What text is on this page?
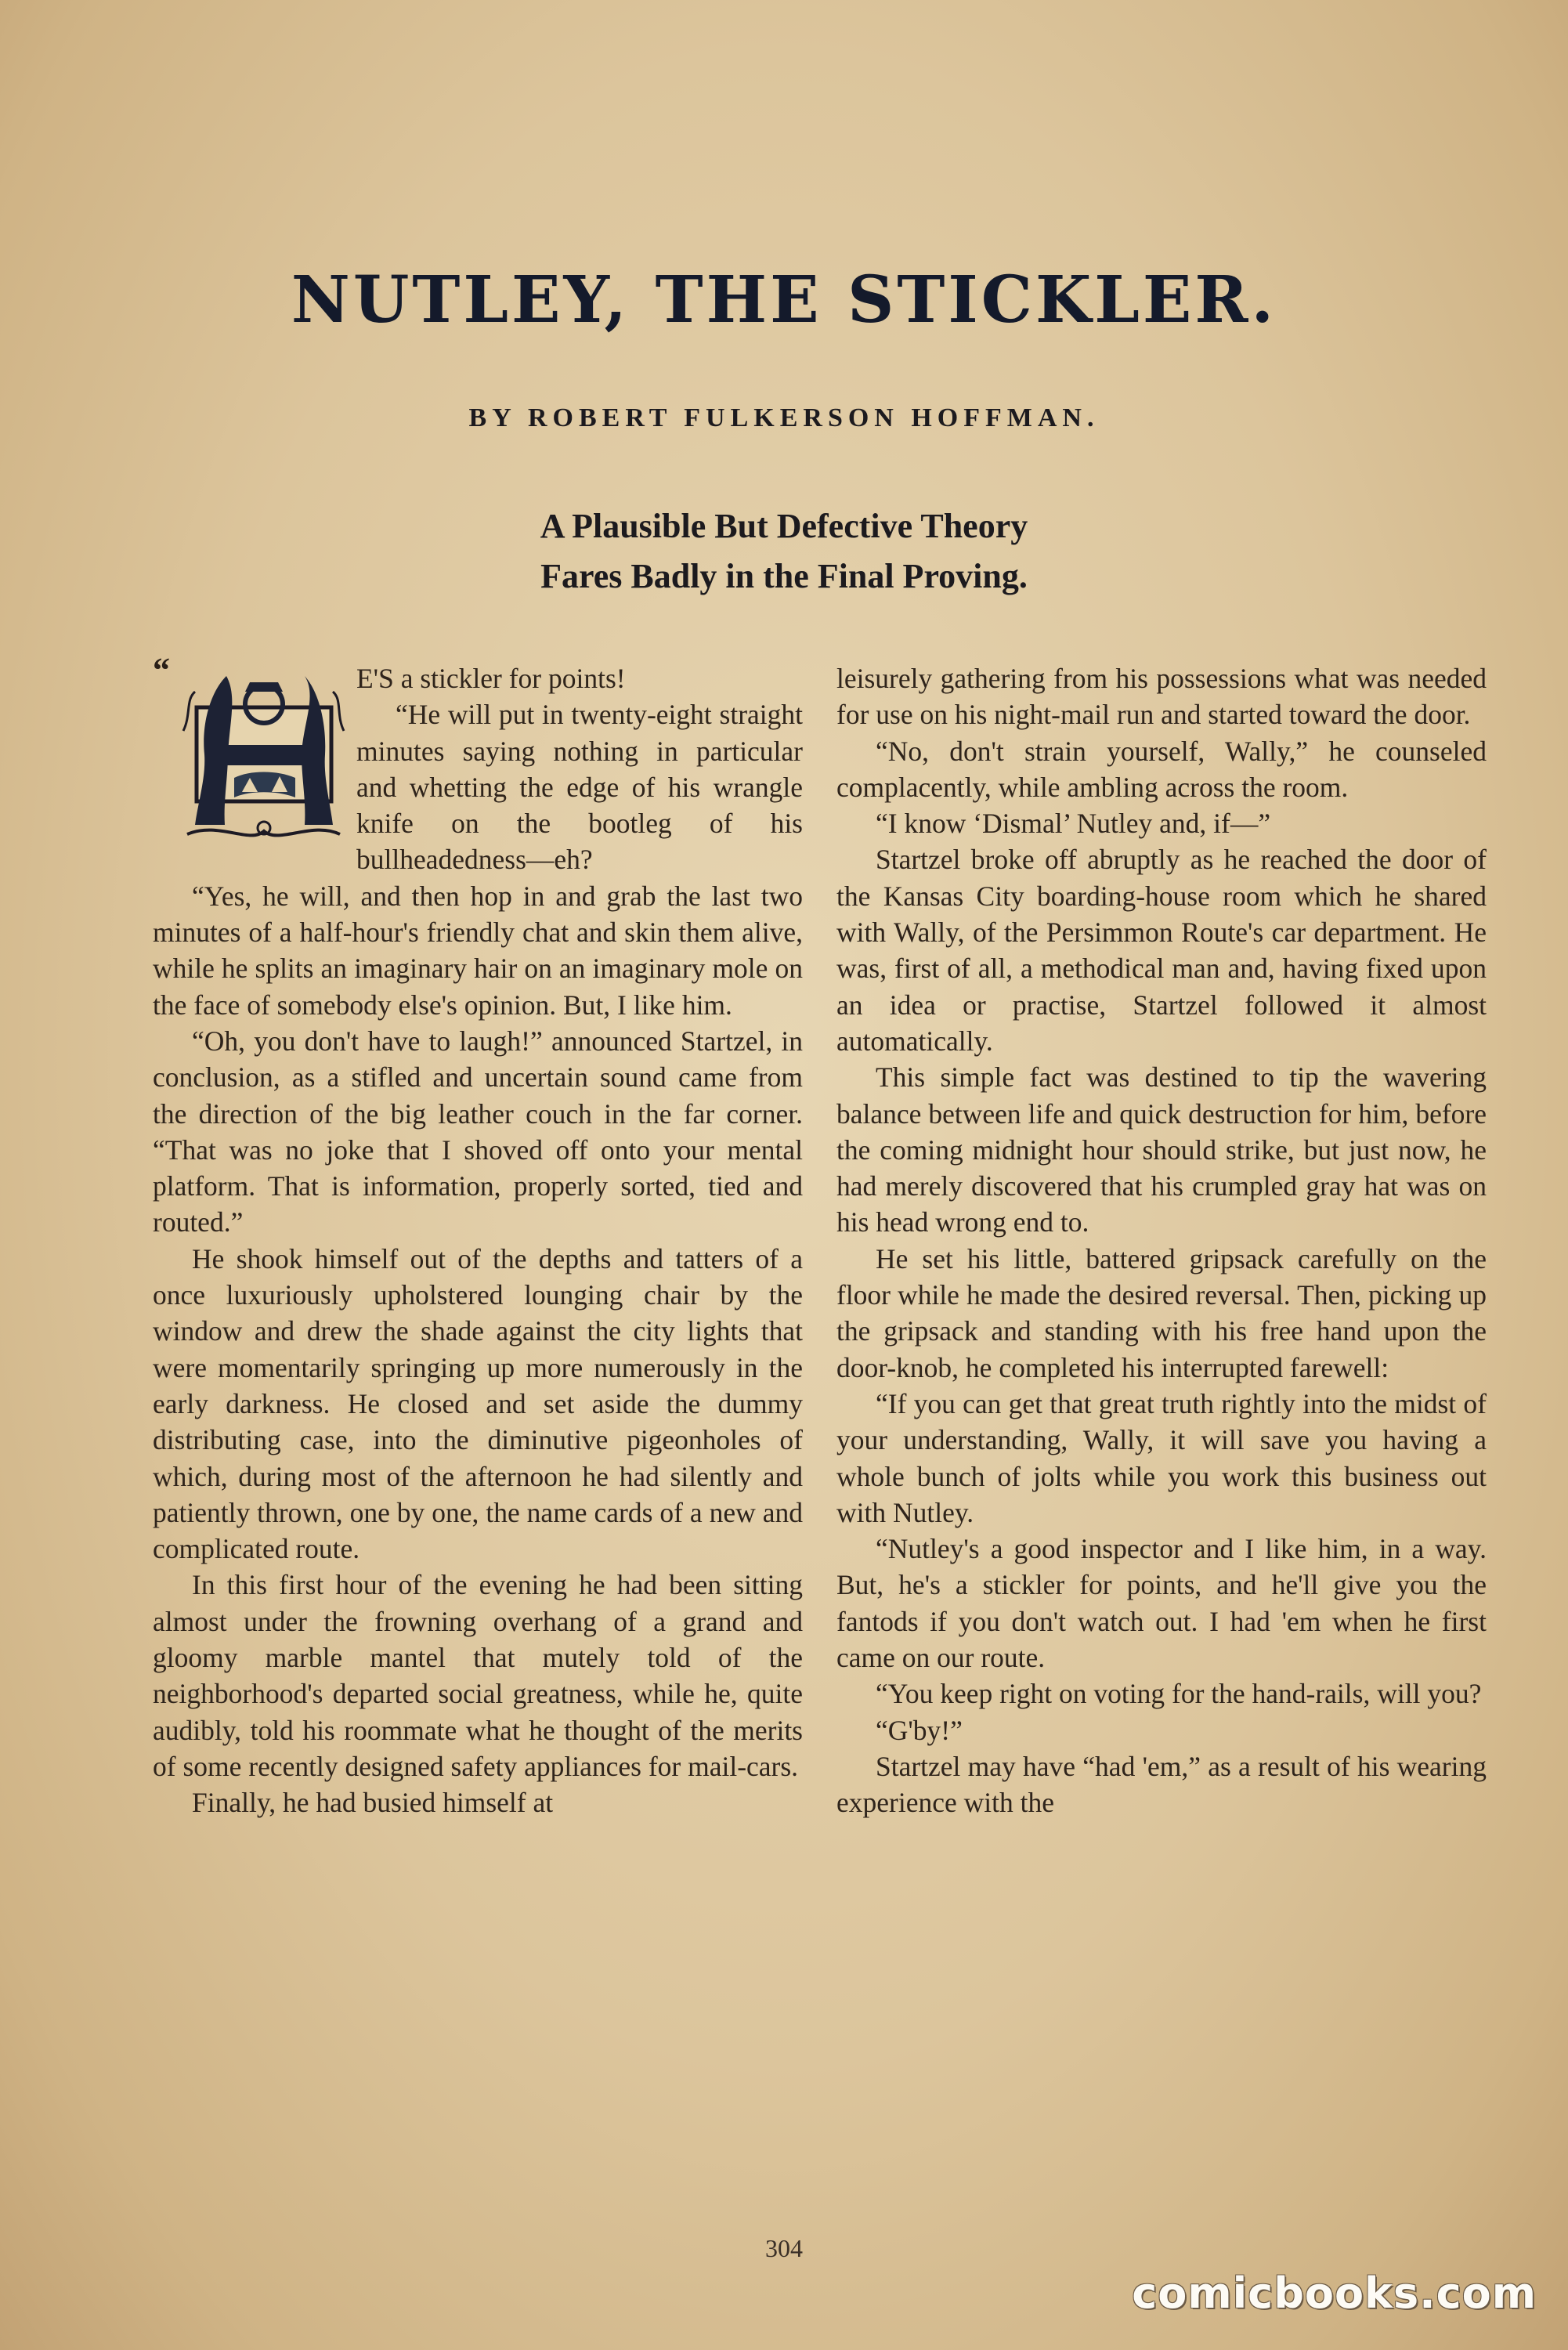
NUTLEY, THE STICKLER.
BY ROBERT FULKERSON HOFFMAN.
A Plausible But Defective Theory
Fares Badly in the Final Proving.
“	E'S a stickler for points!

“He will put in twenty-eight straight minutes saying nothing in particular and whetting the edge of his wrangle knife on the bootleg of his bullheadedness—eh?

“Yes, he will, and then hop in and grab the last two minutes of a half-hour's friendly chat and skin them alive, while he splits an imaginary hair on an imaginary mole on the face of somebody else's opinion. But, I like him.

“Oh, you don't have to laugh!” announced Startzel, in conclusion, as a stifled and uncertain sound came from the direction of the big leather couch in the far corner. “That was no joke that I shoved off onto your mental platform. That is information, properly sorted, tied and routed.”

He shook himself out of the depths and tatters of a once luxuriously upholstered lounging chair by the window and drew the shade against the city lights that were momentarily springing up more numerously in the early darkness. He closed and set aside the dummy distributing case, into the diminutive pigeonholes of which, during most of the afternoon he had silently and patiently thrown, one by one, the name cards of a new and complicated route.

In this first hour of the evening he had been sitting almost under the frowning overhang of a grand and gloomy marble mantel that mutely told of the neighborhood's departed social greatness, while he, quite audibly, told his roommate what he thought of the merits of some recently designed safety appliances for mail-cars.

Finally, he had busied himself at

leisurely gathering from his possessions what was needed for use on his night-mail run and started toward the door.

“No, don't strain yourself, Wally,” he counseled complacently, while ambling across the room.

“I know ‘Dismal’ Nutley and, if—”

Startzel broke off abruptly as he reached the door of the Kansas City boarding-house room which he shared with Wally, of the Persimmon Route's car department. He was, first of all, a methodical man and, having fixed upon an idea or practise, Startzel followed it almost automatically.

This simple fact was destined to tip the wavering balance between life and quick destruction for him, before the coming midnight hour should strike, but just now, he had merely discovered that his crumpled gray hat was on his head wrong end to.

He set his little, battered gripsack carefully on the floor while he made the desired reversal. Then, picking up the gripsack and standing with his free hand upon the door-knob, he completed his interrupted farewell:

“If you can get that great truth rightly into the midst of your understanding, Wally, it will save you having a whole bunch of jolts while you work this business out with Nutley.

“Nutley's a good inspector and I like him, in a way. But, he's a stickler for points, and he'll give you the fantods if you don't watch out. I had 'em when he first came on our route.

“You keep right on voting for the hand-rails, will you?

“G'by!”

Startzel may have “had 'em,” as a result of his wearing experience with the

304
comicbooks.com
